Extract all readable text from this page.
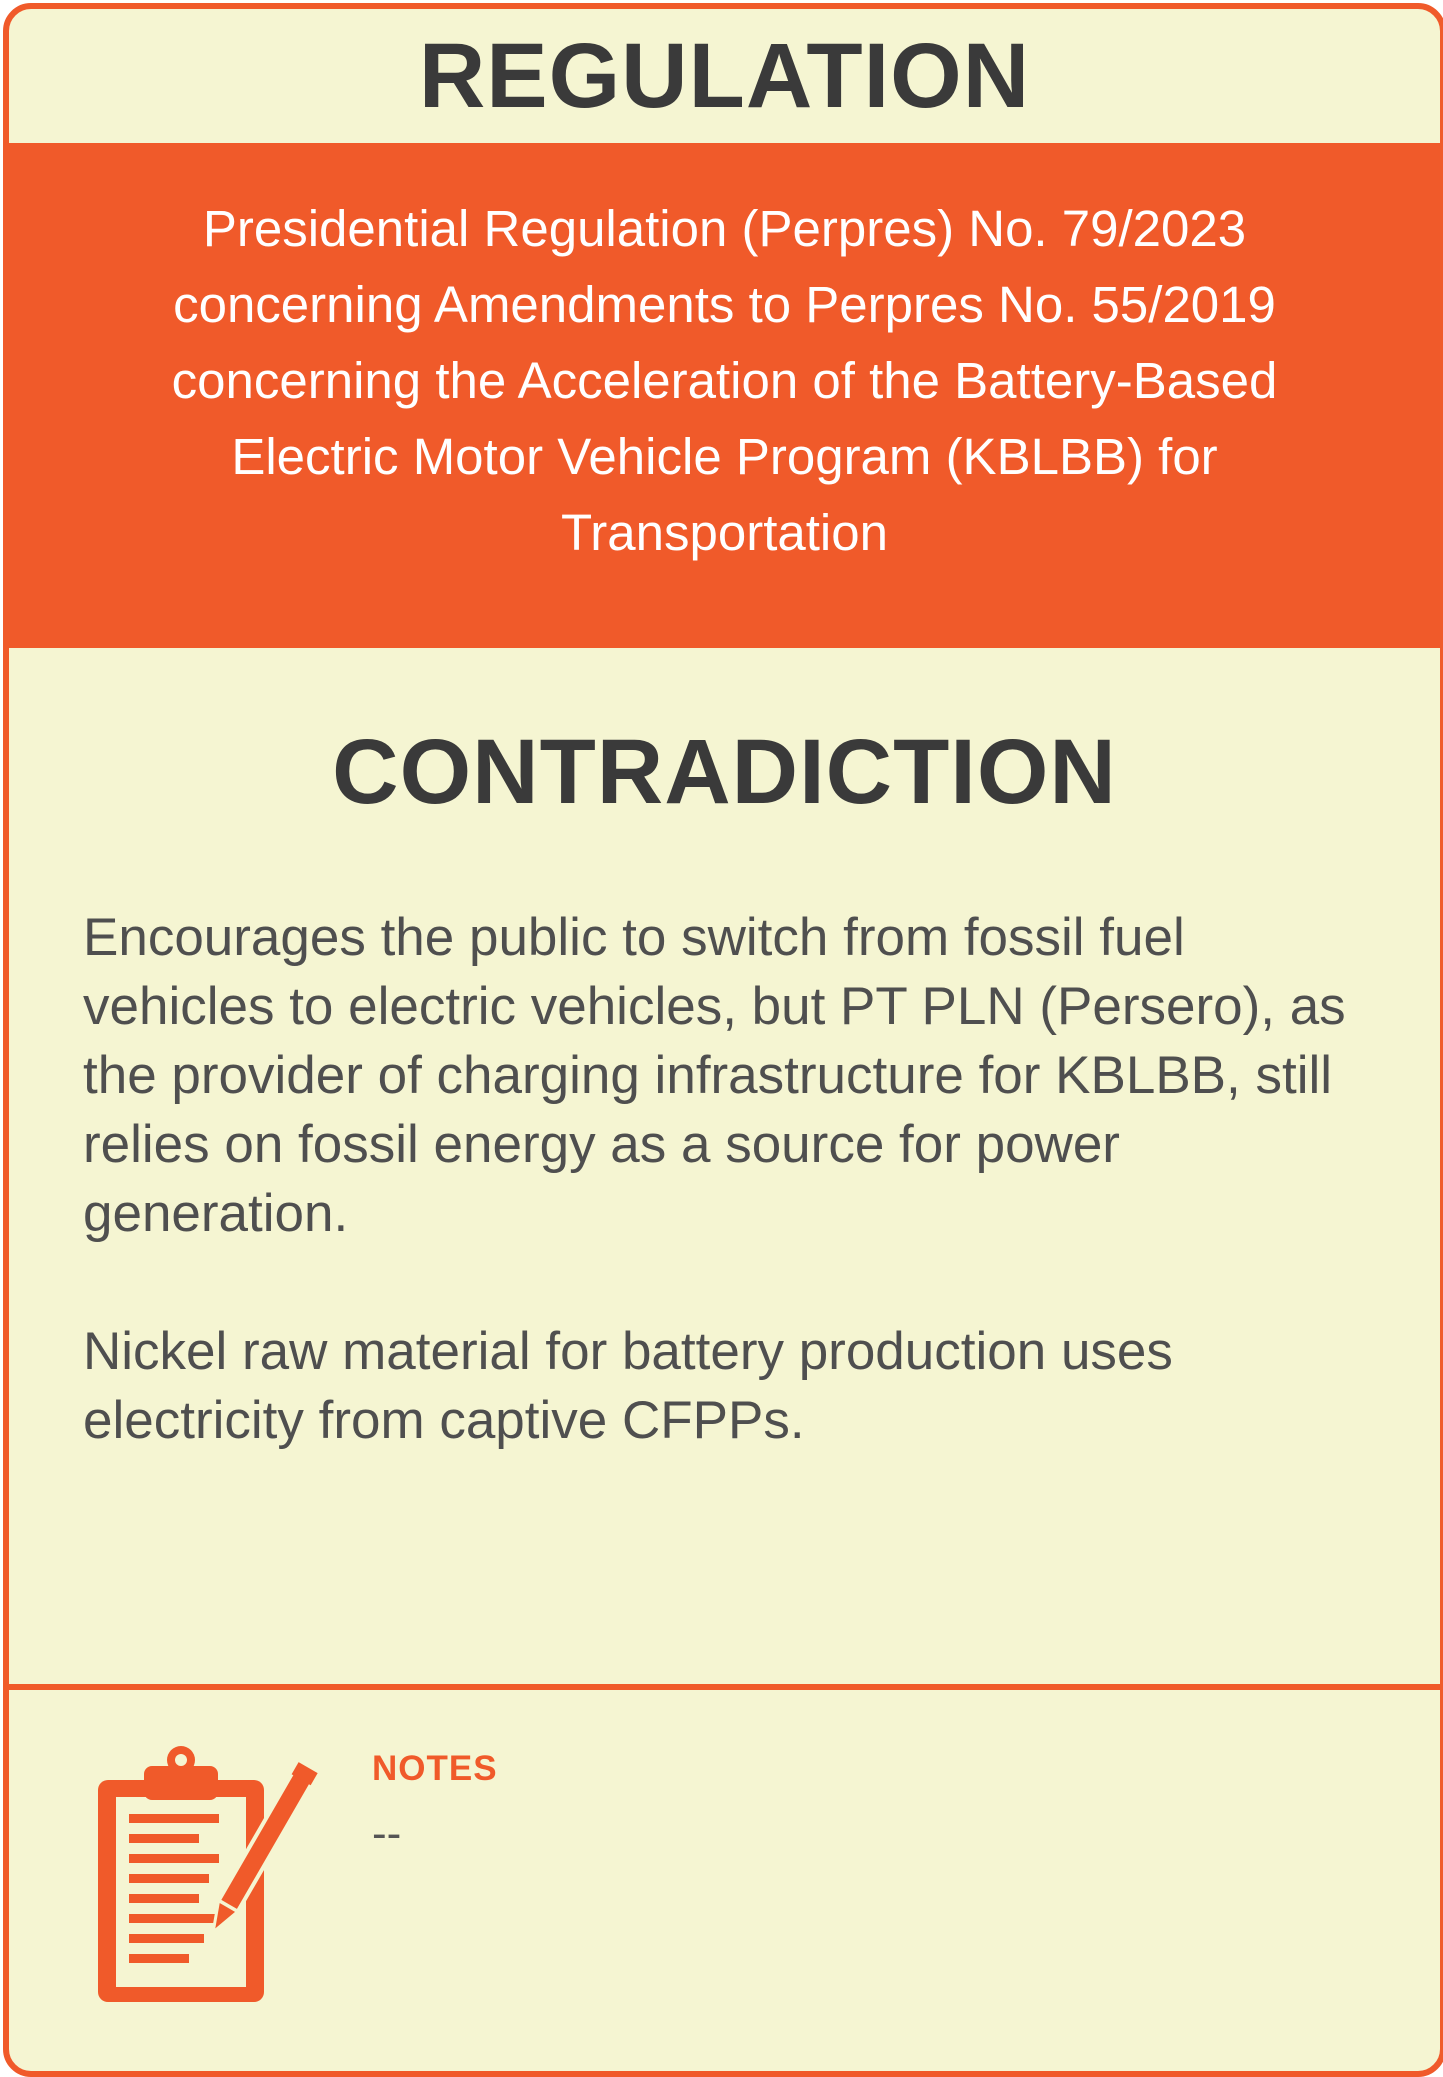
REGULATION
Presidential Regulation (Perpres) No. 79/2023 concerning Amendments to Perpres No. 55/2019 concerning the Acceleration of the Battery-Based Electric Motor Vehicle Program (KBLBB) for Transportation
CONTRADICTION

Encourages the public to switch from fossil fuel vehicles to electric vehicles, but PT PLN (Persero), as the provider of charging infrastructure for KBLBB, still relies on fossil energy as a source for power generation.

Nickel raw material for battery production uses electricity from captive CFPPs.

NOTES
--
